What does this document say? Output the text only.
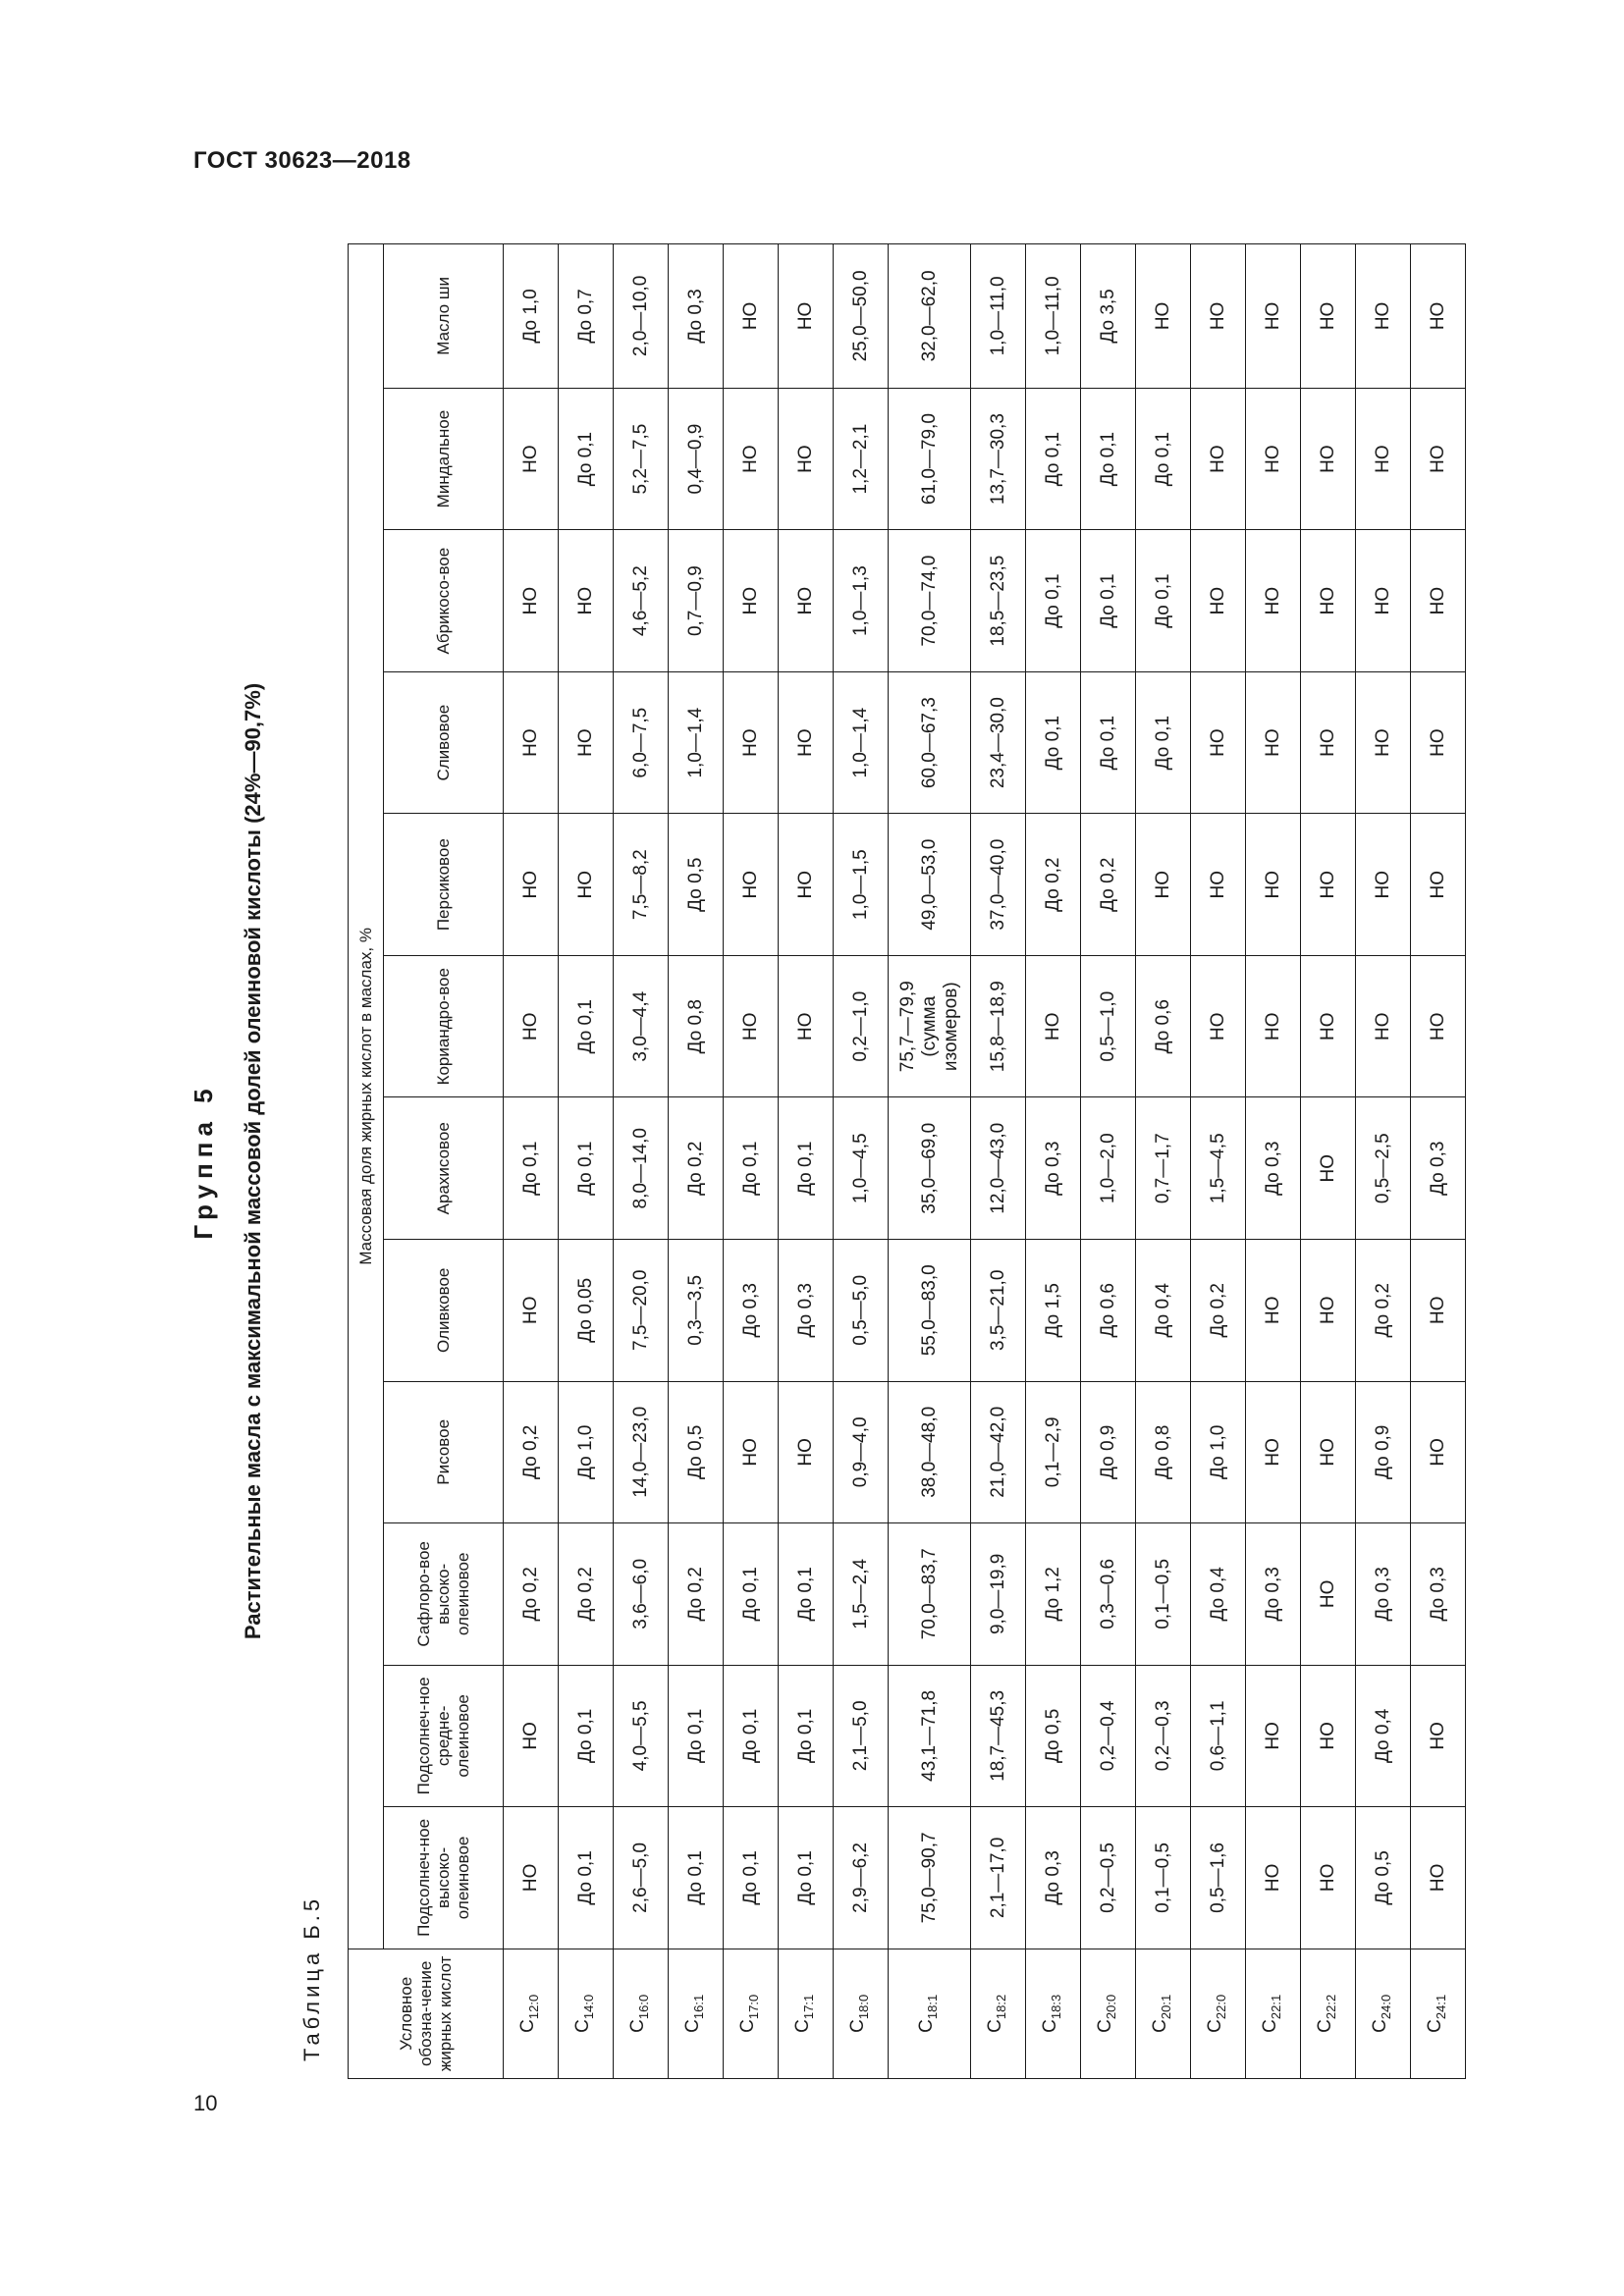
ГОСТ 30623—2018
10
Группа 5 Растительные масла с максимальной массовой долей олеиновой кислоты (24%—90,7%)
Таблица Б.5	Условное обозна-чение жирных кислот	Массовая доля жирных кислот в маслах, %											
	Подсолнеч-ное высоко-олеиновое	Подсолнеч-ное средне-олеиновое	Сафлоро-вое высоко-олеиновое	Рисовое	Оливковое	Арахисовое	Кориандро-вое	Персиковое	Сливовое	Абрикосо-вое	Миндальное	Масло ши
$C_{12:0}$	НО	НО	До 0,2	До 0,2	НО	До 0,1	НО	НО	НО	НО	НО	До 1,0
$C_{14:0}$	До 0,1	До 0,1	До 0,2	До 1,0	До 0,05	До 0,1	До 0,1	НО	НО	НО	До 0,1	До 0,7
$C_{16:0}$	2,6—5,0	4,0—5,5	3,6—6,0	14,0—23,0	7,5—20,0	8,0—14,0	3,0—4,4	7,5—8,2	6,0—7,5	4,6—5,2	5,2—7,5	2,0—10,0
$C_{16:1}$	До 0,1	До 0,1	До 0,2	До 0,5	0,3—3,5	До 0,2	До 0,8	До 0,5	1,0—1,4	0,7—0,9	0,4—0,9	До 0,3
$C_{17:0}$	До 0,1	До 0,1	До 0,1	НО	До 0,3	До 0,1	НО	НО	НО	НО	НО	НО
$C_{17:1}$	До 0,1	До 0,1	До 0,1	НО	До 0,3	До 0,1	НО	НО	НО	НО	НО	НО
$C_{18:0}$	2,9—6,2	2,1—5,0	1,5—2,4	0,9—4,0	0,5—5,0	1,0—4,5	0,2—1,0	1,0—1,5	1,0—1,4	1,0—1,3	1,2—2,1	25,0—50,0
$C_{18:1}$	75,0—90,7	43,1—71,8	70,0—83,7	38,0—48,0	55,0—83,0	35,0—69,0	75,7—79,9 (сумма изомеров)	49,0—53,0	60,0—67,3	70,0—74,0	61,0—79,0	32,0—62,0
$C_{18:2}$	2,1—17,0	18,7—45,3	9,0—19,9	21,0—42,0	3,5—21,0	12,0—43,0	15,8—18,9	37,0—40,0	23,4—30,0	18,5—23,5	13,7—30,3	1,0—11,0
$C_{18:3}$	До 0,3	До 0,5	До 1,2	0,1—2,9	До 1,5	До 0,3	НО	До 0,2	До 0,1	До 0,1	До 0,1	1,0—11,0
$C_{20:0}$	0,2—0,5	0,2—0,4	0,3—0,6	До 0,9	До 0,6	1,0—2,0	0,5—1,0	До 0,2	До 0,1	До 0,1	До 0,1	До 3,5
$C_{20:1}$	0,1—0,5	0,2—0,3	0,1—0,5	До 0,8	До 0,4	0,7—1,7	До 0,6	НО	До 0,1	До 0,1	До 0,1	НО
$C_{22:0}$	0,5—1,6	0,6—1,1	До 0,4	До 1,0	До 0,2	1,5—4,5	НО	НО	НО	НО	НО	НО
$C_{22:1}$	НО	НО	До 0,3	НО	НО	До 0,3	НО	НО	НО	НО	НО	НО
$C_{22:2}$	НО	НО	НО	НО	НО	НО	НО	НО	НО	НО	НО	НО
$C_{24:0}$	До 0,5	До 0,4	До 0,3	До 0,9	До 0,2	0,5—2,5	НО	НО	НО	НО	НО	НО
$C_{24:1}$	НО	НО	До 0,3	НО	НО	До 0,3	НО	НО	НО	НО	НО	НО
